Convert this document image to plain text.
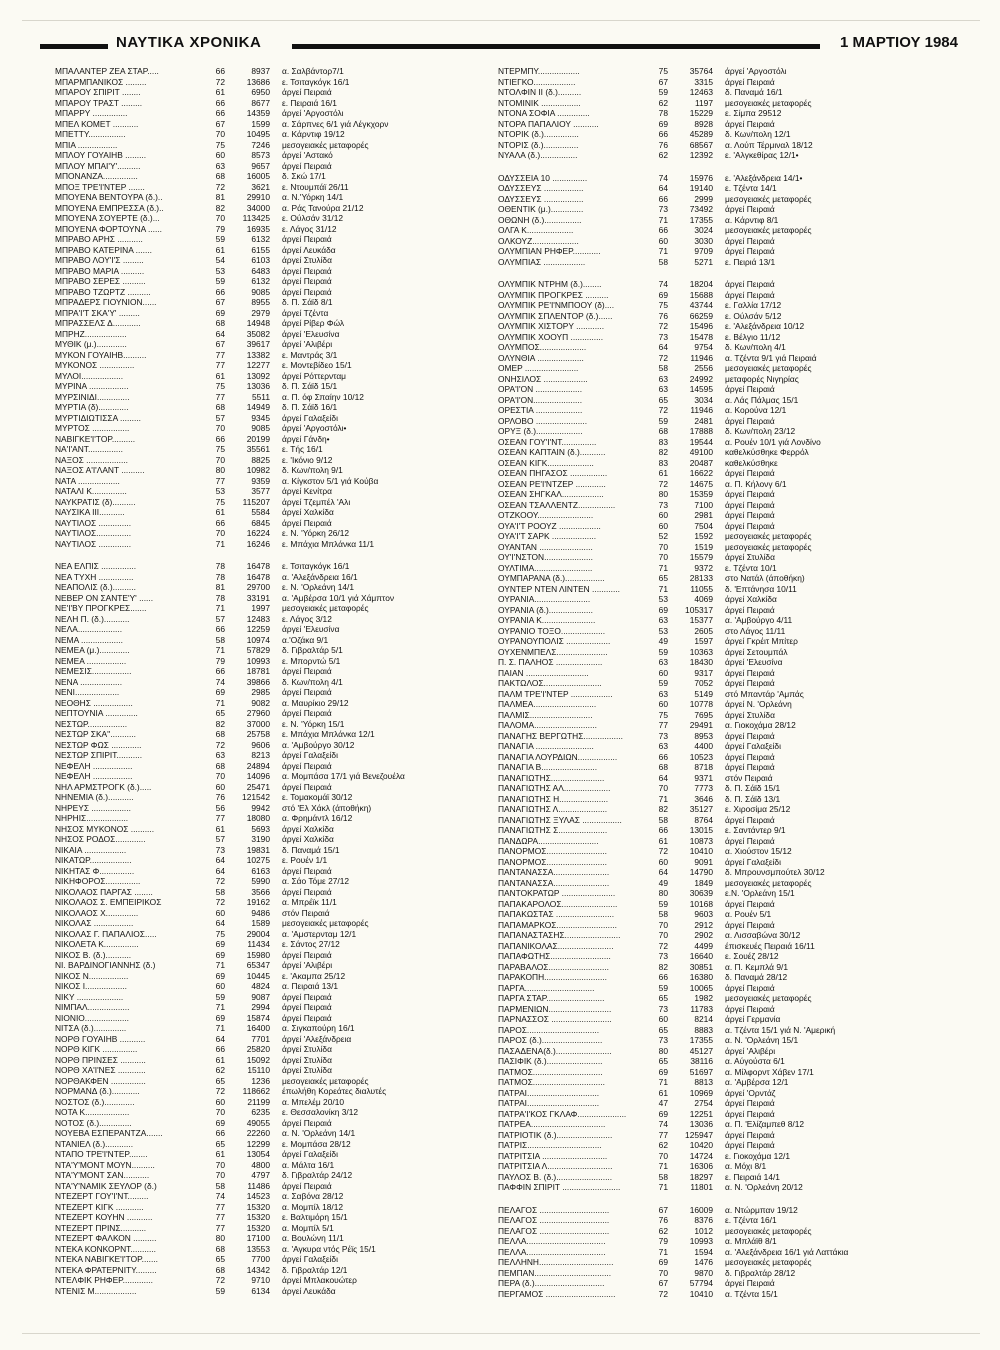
ΝΑΥΤΙΚΑ ΧΡΟΝΙΚΑ	1 ΜΑΡΤΙΟΥ 1984
ΜΠΑΛΑΝΤΕΡ ΖΕΑ ΣΤΑΡ.....	66	8937	α. Σαλβάντορ7/1
ΜΠΑΡΜΠΑΝΙΚΟΣ .........	72	13686	ε. Τσιταγκόγκ 16/1
ΜΠΑΡΟΥ ΣΠΙΡΙΤ ........	61	6950	άργεί Πειραιά
ΜΠΑΡΟΥ ΤΡΑΣΤ .........	66	8677	ε. Πειραιά 16/1
ΜΠΑΡΡΥ ...............	66	14359	άργεί 'Αργοστόλι
ΜΠΕΛ ΚΟΜΕΤ ...........	67	1599	α. Σάρπνες 6/1 γιά Λέγκχορν
ΜΠΕΤΤΥ................	70	10495	α. Κάρντιφ 19/12
ΜΠΙΑ .................	75	7246	μεσογειακές μεταφορές
ΜΠΛΟΥ ΓΟΥΑΙΗΒ .........	60	8573	άργεί 'Αστακό
ΜΠΛΟΥ ΜΠΑΙ'Υ'..........	63	9657	άργεί Πειραιά
ΜΠΟΝΑΝΖΑ...............	68	16005	δ. Σκώ 17/1
ΜΠΟΞ ΤΡΕ'Ι'ΝΤΕΡ .......	72	3621	ε. Ντουμπάϊ 26/11
ΜΠΟΥΕΝΑ ΒΕΝΤΟΥΡΑ (δ.)..	81	29910	α. Ν.'Υόρκη 14/1
ΜΠΟΥΕΝΑ ΕΜΠΡΕΣΣΑ (δ.)..	82	34000	α. Ράς Τανούρα 21/12
ΜΠΟΥΕΝΑ ΣΟΥΕΡΤΕ (δ.)...	70	113425	ε. Ούλσάν 31/12
ΜΠΟΥΕΝΑ ΦΟΡΤΟΥΝΑ ......	79	16935	ε. Λάγος 31/12
ΜΠΡΑΒΟ ΑΡΗΣ ...........	59	6132	άργεί Πειραιά
ΜΠΡΑΒΟ ΚΑΤΕΡΙΝΑ .......	61	6155	άργεί Λευκάδα
ΜΠΡΑΒΟ ΛΟΥ'Ι'Σ .........	54	6103	άργεί Στυλίδα
ΜΠΡΑΒΟ ΜΑΡΙΑ ..........	53	6483	άργεί Πειραιά
ΜΠΡΑΒΟ ΣΕΡΕΣ ..........	59	6132	άργεί Πειραιά
ΜΠΡΑΒΟ ΤΖΩΡΤΖ ..........	66	9085	άργεί Πειραιά
ΜΠΡΑΔΕΡΣ ΓΙΟΥΝΙΟΝ......	67	8955	δ. Π. Σάϊδ 8/1
ΜΠΡΑ'Ι'Τ ΣΚΑ'Υ' .........	69	2979	άργεί Τζέντα
ΜΠΡΑΣΣΕΛΣ Δ............	68	14948	άργεί Ρίβερ Φώλ
ΜΠΡΗΖ..................	64	35082	άργεί 'Ελευσίνα
ΜΥΘΙΚ (μ.).............	67	39617	άργεί 'Αλιβέρι
ΜΥΚΟΝ ΓΟΥΑΙΗΒ..........	77	13382	ε. Μαντράς 3/1
ΜΥΚΟΝΟΣ ...............	77	12277	ε. Μοντεβίδεο 15/1
ΜΥΛΟΙ..................	61	13092	άργεί Ρόττερνταμ
ΜΥΡΙΝΑ .................	75	13036	δ. Π. Σάϊδ 15/1
ΜΥΡΣΙΝΙΔΙ..............	77	5511	α. Π. όφ Σπαίην 10/12
ΜΥΡΤΙΑ (δ).............	68	14949	δ. Π. Σάϊδ 16/1
ΜΥΡΤΙΔΙΩΤΙΣΣΑ .........	57	9345	άργεί Γαλαξείδι
ΜΥΡΤΟΣ ................	70	9085	άργεί 'Αργοστόλι•
ΝΑΒΙΓΚΕ'Ι'ΤΟΡ..........	66	20199	άργεί Γάνδη•
ΝΑ'Ι'ΑΝΤ...............	75	35561	ε. Τής 16/1
ΝΑΞΟΣ ..................	70	8825	ε. 'Ικόνιο 9/12
ΝΑΞΟΣ Α'Ι'ΛΑΝΤ ..........	80	10982	δ. Κων/πολη 9/1
ΝΑΤΑ ..................	77	9359	α. Κίγκστον 5/1 γιά Κούβα
ΝΑΤΑΛΙ Κ...............	53	3577	άργεί Κενίτρα
ΝΑΥΚΡΑΤΙΣ (δ)..........	75	115207	άργεί Τζεμπέλ 'Αλι
ΝΑΥΣΙΚΑ ΙΙΙ...........	61	5584	άργεί Χαλκίδα
ΝΑΥΤΙΛΟΣ ..............	66	6845	άργεί Πειραιά
ΝΑΥΤΙΛΟΣ...............	70	16224	ε. Ν. 'Υόρκη 26/12
ΝΑΥΤΙΛΟΣ ..............	71	16246	ε. Μπάχια Μπλάνκα 11/1
ΝΕΑ ΕΛΠΙΣ ...............	78	16478	ε. Τσιταγκόγκ 16/1
ΝΕΑ ΤΥΧΗ ...............	78	16478	α. 'Αλεξάνδρεια 16/1
ΝΕΑΠΟΛΙΣ (δ.)..........	81	29700	ε. Ν. 'Ορλεάνη 14/1
ΝΕΒΕΡ ΟΝ ΣΑΝΤΕ'Υ' ......	78	33191	α. 'Αμβέρσα 10/1 γιά Χάμπτον
ΝΕ'Ι'ΒΥ ΠΡΟΓΚΡΕΣ.......	71	1997	μεσογειακές μεταφορές
ΝΕΛΗ Π. (δ.)...........	57	12483	ε. Λάγος 3/12
ΝΕΛΑ...................	66	12259	άργεί 'Ελευσίνα
ΝΕΜΑ ..................	58	10974	α.'Οζάκα 9/1
ΝΕΜΕΑ (μ.).............	71	57829	δ. Γιβραλτάρ 5/1
ΝΕΜΕΑ .................	79	10993	ε. Μπορντώ 5/1
ΝΕΜΕΣΙΣ.................	66	18781	άργεί Πειραιά
ΝΕΝΑ ..................	74	39866	δ. Κων/πολη 4/1
ΝΕΝΙ...................	69	2985	άργεί Πειραιά
ΝΕΟΘΗΣ .................	71	9082	α. Μαυρίκιο 29/12
ΝΕΠΤΟΥΝΙΑ ..............	65	27960	άργεί Πειραιά
ΝΕΣΤΩΡ.................	82	37000	ε. Ν. 'Υόρκη 15/1
ΝΕΣΤΩΡ ΣΚΑ''...........	68	25758	ε. Μπάχια Μπλάνκα 12/1
ΝΕΣΤΩΡ ΦΩΣ .............	72	9606	α. 'Αμβούργο 30/12
ΝΕΣΤΩΡ ΣΠΙΡΙΤ...........	63	8213	άργεί Γαλαξείδι
ΝΕΦΕΛΗ .................	68	24894	άργεί Πειραιά
ΝΕΦΕΛΗ .................	70	14096	α. Μομπάσα 17/1 γιά Βενεζουέλα
ΝΗΛ ΑΡΜΣΤΡΟΓΚ (δ.).....	60	25471	άργεί Πειραιά
ΝΗΝΕΜΙΑ (δ.)...........	76	121542	ε. Τομακομάϊ 30/12
ΝΗΡΕΥΣ .................	56	9942	στό 'Ελ Χάκλ (άποθήκη)
ΝΗΡΗΙΣ..................	77	18080	α. Φρημάντλ 16/12
ΝΗΣΟΣ ΜΥΚΟΝΟΣ ..........	61	5693	άργεί Χαλκίδα
ΝΗΣΟΣ ΡΟΔΟΣ.............	57	3190	άργεί Χαλκίδα
ΝΙΚΑΙΑ ..................	73	19831	δ. Παναμά 15/1
ΝΙΚΑΤΩΡ..................	64	10275	ε. Ρουέν 1/1
ΝΙΚΗΤΑΣ Φ...............	64	6163	άργεί Πειραιά
ΝΙΚΗΦΟΡΟΣ...............	72	5990	α. Σάο Τόμε 27/12
ΝΙΚΟΛΑΟΣ ΠΑΡΓΑΣ ........	58	3566	άργεί Πειραιά
ΝΙΚΟΛΑΟΣ Σ. ΕΜΠΕΙΡΙΚΟΣ	72	19162	α. Μπρέϊκ 11/1
ΝΙΚΟΛΑΟΣ Χ..............	60	9486	στόν Πειραιά
ΝΙΚΟΛΑΣ .................	64	1589	μεσογειακές μεταφορές
ΝΙΚΟΛΑΣ Γ. ΠΑΠΑΛΙΟΣ.....	75	29004	α. 'Αμστερνταμ 12/1
ΝΙΚΟΛΕΤΑ Κ...............	69	11434	ε. Σάντος 27/12
ΝΙΚΟΣ Β. (δ.)...........	69	15980	άργεί Πειραιά
ΝΙ. ΒΑΡΔΙΝΟΓΙΑΝΝΗΣ (δ.)	71	65347	άργεί 'Αλιβέρι
ΝΙΚΟΣ Ν.................	69	10445	ε. 'Ακαμπα 25/12
ΝΙΚΟΣ Ι..................	60	4824	α. Πειραιά 13/1
ΝΙΚΥ ....................	59	9087	άργεί Πειραιά
ΝΙΜΠΑΛ..................	71	2994	άργεί Πειραιά
ΝΙΟΝΙΟ...................	69	15874	άργεί Πειραιά
ΝΙΤΣΑ (δ.)..............	71	16400	α. Σιγκαπούρη 16/1
ΝΟΡΘ ΓΟΥΑΙΗΒ ...........	64	7701	άργεί 'Αλεξάνδρεια
ΝΟΡΘ ΚΙΓΚ ...............	66	25820	άργεί Στυλίδα
ΝΟΡΘ ΠΡΙΝΣΕΣ ...........	61	15092	άργεί Στυλίδα
ΝΟΡΘ ΧΑ'Ι'ΝΕΣ ............	62	15110	άργεί Στυλίδα
ΝΟΡΘΑΚΦΕΝ ...............	65	1236	μεσογειακές μεταφορές
ΝΟΡΜΑΝΔ (δ.)............	72	118662	έπωλήθη Κορεάτες διαλυτές
ΝΟΣΤΟΣ (δ.).............	60	21199	α. Μπελέμ 20/10
ΝΟΤΑ Κ...................	70	6235	ε. Θεσσαλονίκη 3/12
ΝΟΤΟΣ (δ.)..............	69	49055	άργεί Πειραιά
ΝΟΥΕΒΑ ΕΣΠΕΡΑΝΤΖΑ.......	66	22260	α. Ν. 'Ορλεάνη 14/1
ΝΤΑΝΙΕΛ (δ.)............	65	12299	ε. Μομπάσα 28/12
ΝΤΑΠΟ ΤΡΕ'Ι'ΝΤΕΡ........	61	13054	άργεί Γαλαξείδι
ΝΤΑ'Υ'ΜΟΝΤ ΜΟΥΝ..........	70	4800	α. Μάλτα 16/1
ΝΤΑ'Υ'ΜΟΝΤ ΣΑΝ...........	70	4797	δ. Γιβραλτάρ 24/12
ΝΤΑ'Υ'ΝΑΜΙΚ ΣΕΥΛΟΡ (δ.)	58	11486	άργεί Πειραιά
ΝΤΕΖΕΡΤ ΓΟΥ'Ι'ΝΤ.........	74	14523	α. Σαβόνα 28/12
ΝΤΕΖΕΡΤ ΚΙΓΚ ............	77	15320	α. Μομπίλ 18/12
ΝΤΕΖΕΡΤ ΚΟΥΗΝ ...........	77	15320	ε. Βαλτιμόρη 15/1
ΝΤΕΖΕΡΤ ΠΡΙΝΣ...........	77	15320	α. Μομπίλ 5/1
ΝΤΕΖΕΡΤ ΦΑΛΚΟΝ ..........	80	17100	α. Βουλώνη 11/1
ΝΤΕΚΑ ΚΟΝΚΟΡΝΤ...........	68	13553	α. 'Αγκυρα ντός Ρέϊς 15/1
ΝΤΕΚΑ ΝΑΒΙΓΚΕ'Ι'ΤΟΡ.......	65	7700	άργεί Γαλαξείδι
ΝΤΕΚΑ ΦΡΑΤΕΡΝΙΤΥ.........	68	14342	δ. Γιβραλτάρ 12/1
ΝΤΕΛΦΙΚ ΡΗΦΕΡ.............	72	9710	άργεί Μπλακουώτερ
ΝΤΕΝΙΣ Μ..................	59	6134	άργεί Λευκάδα
ΝΤΕΡΜΠΥ..................	75	35764	άργεί 'Αργοστόλι
ΝΤΙΕΓΚΟ..................	67	3315	άργεί Πειραιά
ΝΤΟΛΦΙΝ ΙΙ (δ.)..........	59	12463	δ. Παναμά 16/1
ΝΤΟΜΙΝΙΚ .................	62	1197	μεσογειακές μεταφορές
ΝΤΟΝΑ ΣΟΦΙΑ ..............	78	15229	ε. Σίμπα 29512
ΝΤΟΡΑ ΠΑΠΑΛΙΟΥ ...........	69	8928	άργεί Πειραιά
ΝΤΟΡΙΚ (δ.)...............	66	45289	δ. Κων/πολη 12/1
ΝΤΟΡΙΣ (δ.)...............	76	68567	α. Λούπ Τέρμιναλ 18/12
ΝΥΑΛΑ (δ.)................	62	12392	ε. 'Αλγκεθίρας 12/1•
ΟΔΥΣΣΕΙΑ 10 ...............	74	15976	ε. 'Αλεξάνδρεια 14/1•
ΟΔΥΣΣΕΥΣ .................	64	19140	ε. Τζέντα 14/1
ΟΔΥΣΣΕΥΣ .................	66	2999	μεσογειακές μεταφορές
ΟΘΕΝΤΙΚ (μ.)..............	73	73492	άργεί Πειραιά
ΟΘΩΝΗ (δ.)................	71	17355	α. Κάρντιφ 8/1
ΟΛΓΑ Κ....................	66	3024	μεσογειακές μεταφορές
ΟΛΚΟΥΖ....................	60	3030	άργεί Πειραιά
ΟΛΥΜΠΙΑΝ ΡΗΦΕΡ............	71	9709	άργεί Πειραιά
ΟΛΥΜΠΙΑΣ ..................	58	5271	ε. Πειριά 13/1
ΟΛΥΜΠΙΚ ΝΤΡΗΜ (δ.)........	74	18204	άργεί Πειραιά
ΟΛΥΜΠΙΚ ΠΡΟΓΚΡΕΣ ..........	69	15688	άργεί Πειραιά
ΟΛΥΜΠΙΚ ΡΕ'Ι'ΝΜΠΟΟΥ (δ)....	75	43744	ε. Γαλλία 17/12
ΟΛΥΜΠΙΚ ΣΠΛΕΝΤΟΡ (δ.)......	76	66259	ε. Ούλσάν 5/12
ΟΛΥΜΠΙΚ ΧΙΣΤΟΡΥ ............	72	15496	ε. 'Αλεξάνδρεια 10/12
ΟΛΥΜΠΙΚ ΧΟΟΥΠ ..............	73	15478	ε. Βέλγιο 11/12
ΟΛΥΜΠΟΣ....................	64	9754	δ. Κων/πολη 4/1
ΟΛΥΝΘΙΑ ....................	72	11946	α. Τζέντα 9/1 γιά Πειραιά
ΟΜΕΡ .......................	58	2556	μεσογειακές μεταφορές
ΟΝΗΣΙΛΟΣ ...................	63	24992	μεταφορές Νιγηρίας
ΟΡΑ'Ι'ΟΝ ....................	63	14595	άργεί Πειραιά
ΟΡΑ'Ι'ΟΝ.....................	65	3034	α. Λάς Πάλμας 15/1
ΟΡΕΣΤΙΑ ....................	72	11946	α. Κορούνα 12/1
ΟΡΛΟΒΟ ......................	59	2481	άργεί Πειραιά
ΟΡΥΞ (δ.)....................	68	17888	δ. Κων/πολη 23/12
ΟΣΕΑΝ ΓΟΥ'Ι'ΝΤ...............	83	19544	α. Ρουέν 10/1 γιά Λονδίνο
ΟΣΕΑΝ ΚΑΠΤΑΙΝ (δ.)...........	82	49100	καθελκύσθηκε Φερρόλ
ΟΣΕΑΝ ΚΙΓΚ....................	83	20487	καθελκύσθηκε
ΟΣΕΑΝ ΠΗΓΑΣΟΣ ................	61	16622	άργεί Πειραιά
ΟΣΕΑΝ ΡΕ'Ι'ΝΤΖΕΡ .............	72	14675	α. Π. Κήλονγ 6/1
ΟΣΕΑΝ ΣΗΓΚΑΛ..................	80	15359	άργεί Πειραιά
ΟΣΕΑΝ ΤΣΑΛΛΕΝΤΖ................	73	7100	άργεί Πειραιά
ΟΤΖΚΟΟΥ........................	60	2981	άργεί Πειραιά
ΟΥΑ'Ι'Τ ΡΟΟΥΖ ..................	60	7504	άργεί Πειραιά
ΟΥΑ'Ι'Τ ΣΑΡΚ ...................	52	1592	μεσογειακές μεταφορές
ΟΥΑΝΤΑΝ .......................	70	1519	μεσογειακές μεταφορές
ΟΥ'Ι'ΝΣΤΟΝ.....................	70	15579	άργεί Στυλίδα
ΟΥΛΤΙΜΑ.........................	71	9372	ε. Τζέντα 10/1
ΟΥΜΠΑΡΑΝΑ (δ.).................	65	28133	στο Νατάλ (άποθήκη)
ΟΥΝΤΕΡ ΝΤΕΝ ΛΙΝΤΕΝ ............	71	11055	δ. 'Επτάνησα 10/11
ΟΥΡΑΝΙΑ........................	53	4069	άργεί Χαλκίδα
ΟΥΡΑΝΙΑ (δ.)...................	69	105317	άργεί Πειραιά
ΟΥΡΑΝΙΑ Κ.......................	63	15377	α. 'Αμβούργο 4/11
ΟΥΡΑΝΙΟ ΤΟΞΟ...................	53	2605	στο Λάγος 11/11
ΟΥΡΑΝΟΥΠΟΛΙΣ ...................	49	1597	άργεί Γκρέιτ Μπίτερ
ΟΥΧΕΝΜΠΕΛΣ......................	59	10363	άργεί Σετουμπάλ
Π. Σ. ΠΑΛΗΟΣ ....................	63	18430	άργεί 'Ελευσίνα
ΠΑΙΑΝ ...........................	60	9317	άργεί Πειραιά
ΠΑΚΤΩΛΟΣ.........................	59	7052	άργεί Πειραιά
ΠΑΛΜ ΤΡΕ'Ι'ΝΤΕΡ ..................	63	5149	στό Μπαντάρ 'Αμπάς
ΠΑΛΜΕΑ...........................	60	10778	άργεί Ν. 'Ορλεάνη
ΠΑΛΜΙΣ...........................	75	7695	άργεί Στυλίδα
ΠΑΛΟΜΑ...........................	77	29491	α. Γιοκοχάμα 28/12
ΠΑΝΑΓΗΣ ΒΕΡΓΩΤΗΣ.................	73	8953	άργεί Πειραιά
ΠΑΝΑΓΙΑ .........................	63	4400	άργεί Γαλαξείδι
ΠΑΝΑΓΙΑ ΛΟΥΡΔΙΩΝ.................	66	10523	άργεί Πειραιά
ΠΑΝΑΓΙΑ Β........................	68	8718	άργεί Πειραιά
ΠΑΝΑΓΙΩΤΗΣ.......................	64	9371	στόν Πειραιά
ΠΑΝΑΓΙΩΤΗΣ ΑΛ....................	70	7773	δ. Π. Σάϊδ 15/1
ΠΑΝΑΓΙΩΤΗΣ Η.....................	71	3646	δ. Π. Σάϊδ 13/1
ΠΑΝΑΓΙΩΤΗΣ Λ.....................	82	35127	ε. Χιροσίμα 25/12
ΠΑΝΑΓΙΩΤΗΣ ΞΥΛΑΣ .................	58	8764	άργεί Πειραιά
ΠΑΝΑΓΙΩΤΗΣ Σ.....................	66	13015	ε. Σαντάντερ 9/1
ΠΑΝΔΩΡΑ..........................	61	10873	άργεί Πειραιά
ΠΑΝΟΡΜΟΣ..........................	72	10410	α. Χιούστον 15/12
ΠΑΝΟΡΜΟΣ..........................	60	9091	άργεί Γαλαξείδι
ΠΑΝΤΑΝΑΣΣΑ........................	64	14790	δ. Μπρουνσμπούτελ 30/12
ΠΑΝΤΑΝΑΣΣΑ........................	49	1849	μεσογειακές μεταφορές
ΠΑΝΤΟΚΡΑΤΩΡ .......................	80	30639	ε.Ν. 'Ορλεάνη 15/1
ΠΑΠΑΚΑΡΟΛΟΣ........................	59	10168	άργεί Πειραιά
ΠΑΠΑΚΩΣΤΑΣ .........................	58	9603	α. Ρουέν 5/1
ΠΑΠΑΜΑΡΚΟΣ..........................	70	2912	άργεί Πειραιά
ΠΑΠΑΝΑΣΤΑΣΗΣ........................	70	2902	α. Λισσαβώνα 30/12
ΠΑΠΑΝΙΚΟΛΑΣ........................	72	4499	έπισκευές Πειραιά 16/11
ΠΑΠΑΦΩΤΗΣ..........................	73	16640	ε. Σουέζ 28/12
ΠΑΡΑΒΑΛΟΣ..........................	82	30851	α. Π. Κεμπλά 9/1
ΠΑΡΑΚΟΠΗ...........................	66	16380	δ. Παναμά 28/12
ΠΑΡΓΑ..............................	59	10065	άργεί Πειραιά
ΠΑΡΓΑ ΣΤΑΡ.........................	65	1982	μεσογειακές μεταφορές
ΠΑΡΜΕΝΙΩΝ...........................	73	11783	άργεί Πειραιά
ΠΑΡΝΑΣΣΟΣ ..........................	60	8214	άργεί Γερμανία
ΠΑΡΟΣ...............................	65	8883	α. Τζέντα 15/1 γιά Ν. 'Αμερική
ΠΑΡΟΣ (δ.)..........................	73	17355	α. Ν. 'Ορλεάνη 15/1
ΠΑΣΑΔΕΝΑ(δ.)........................	80	45127	άργεί 'Αλιβέρι
ΠΑΣΙΦΙΚ (δ.)........................	65	38116	α. Αύγούστα 6/1
ΠΑΤΜΟΣ..............................	69	51697	α. Μίλφορντ Χάβεν 17/1
ΠΑΤΜΟΣ...............................	71	8813	α. 'Αμβέρσα 12/1
ΠΑΤΡΑΙ...............................	61	10969	άργεί 'Ορντάζ
ΠΑΤΡΑΙ...............................	47	2754	άργεί Πειραιά
ΠΑΤΡΑ'Ι'ΚΟΣ ΓΚΛΑΦ.....................	69	12251	άργεί Πειραιά
ΠΑΤΡΕΑ................................	74	13036	α. Π. 'Ελίζαμπεθ 8/12
ΠΑΤΡΙΟΤΙΚ (δ.)........................	77	125947	άργεί Πειραιά
ΠΑΤΡΙΣ................................	62	10420	άργεί Πειραιά
ΠΑΤΡΙΤΣΙΑ ............................	70	14724	ε. Γιοκοχάμα 12/1
ΠΑΤΡΙΤΣΙΑ Λ............................	71	16306	α. Μόχι 8/1
ΠΑΥΛΟΣ Β. (δ.)........................	58	18297	ε. Πειραιά 14/1
ΠΑΦΦΙΝ ΣΠΙΡΙΤ .........................	71	11801	α. Ν. 'Ορλεάνη 20/12
ΠΕΛΑΓΟΣ ..............................	67	16009	α. Ντώρμπαν 19/12
ΠΕΛΑΓΟΣ ..............................	76	8376	ε. Τζέντα 16/1
ΠΕΛΑΓΟΣ ..............................	62	1012	μεσογειακές μεταφορές
ΠΕΛΛΑ..................................	79	10993	α. Μπλάϊθ 8/1
ΠΕΛΛΑ..................................	71	1594	α. 'Αλεξάνδρεια 16/1 γιά Λαττάκια
ΠΕΛΛΗΝΗ................................	69	1476	μεσογειακές μεταφορές
ΠΕΜΠΑΝ.................................	70	9870	δ. Γιβραλτάρ 28/12
ΠΕΡΑ (δ.)..............................	67	57794	άργεί Πειραιά
ΠΕΡΓΑΜΟΣ ..............................	72	10410	α. Τζέντα 15/1
